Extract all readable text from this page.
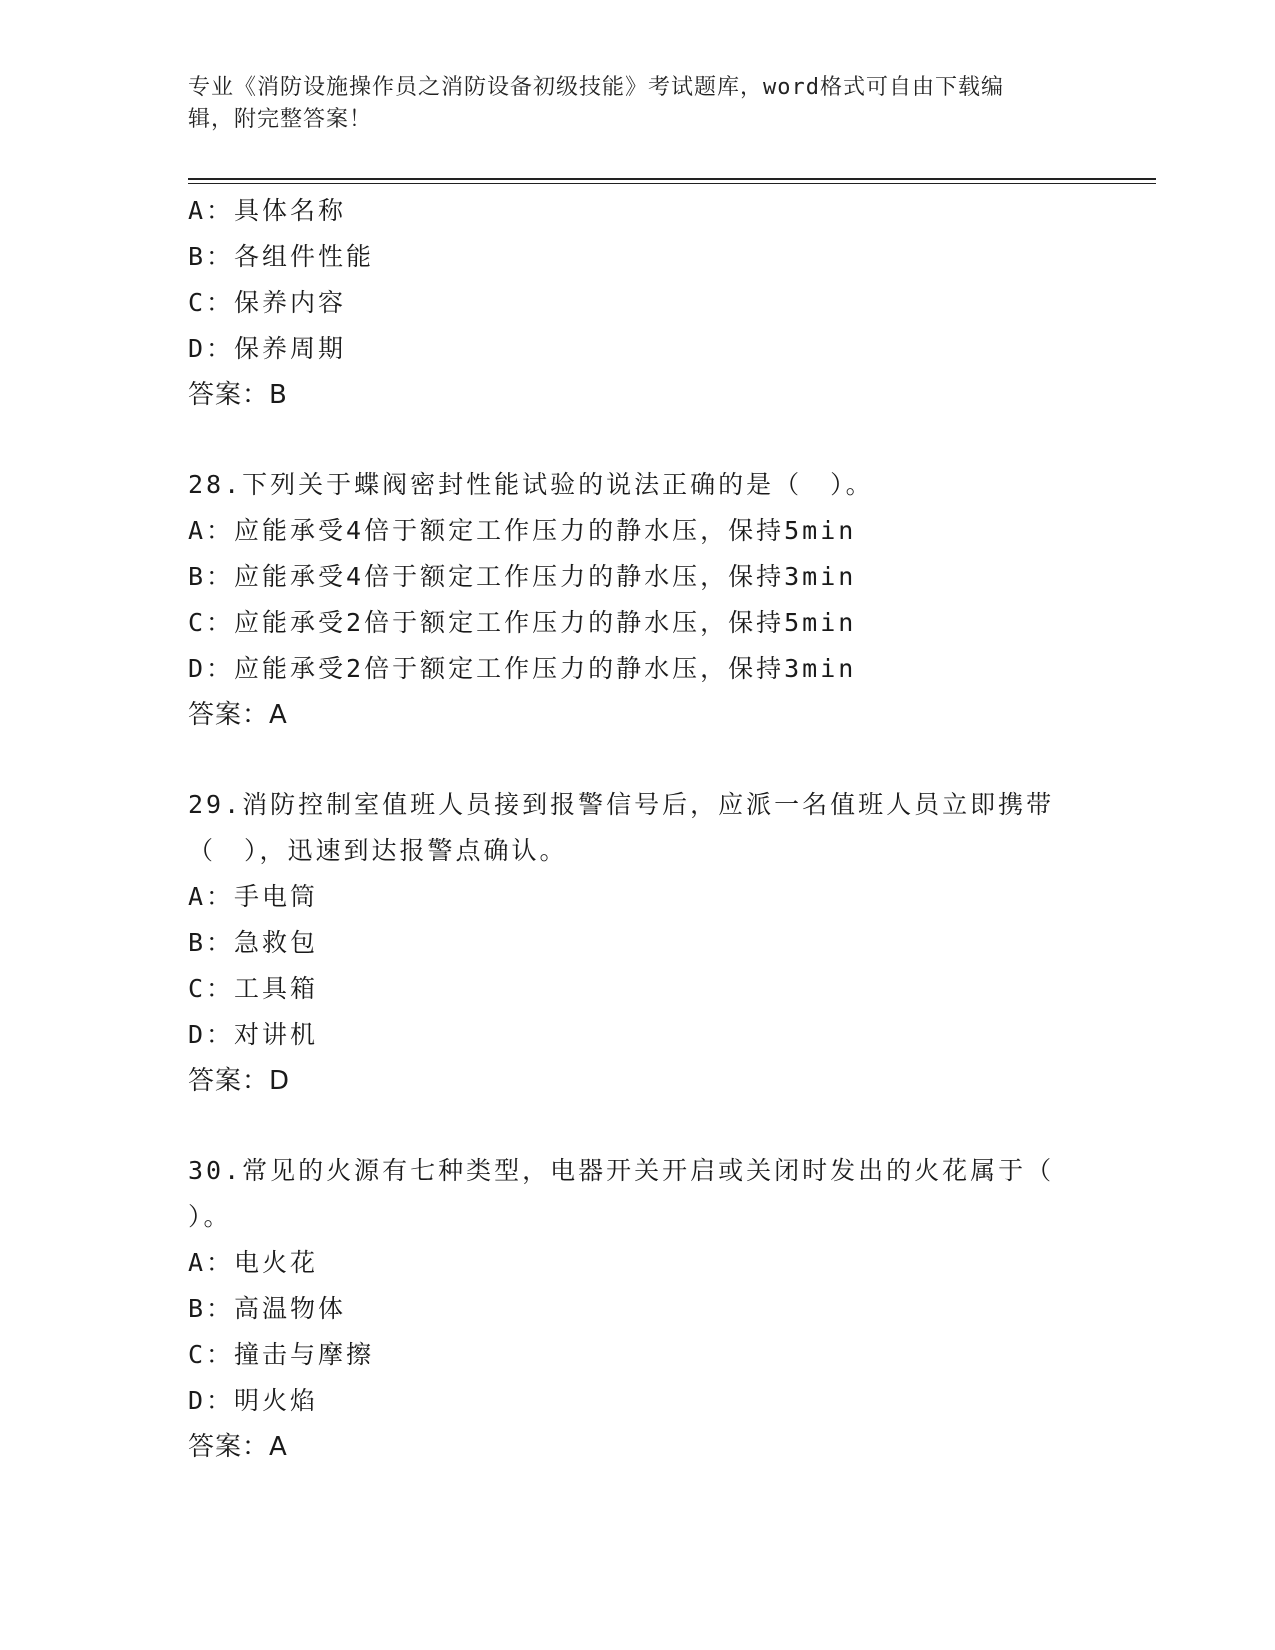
专业《消防设施操作员之消防设备初级技能》考试题库，word格式可自由下载编
辑，附完整答案！
A：具体名称
B：各组件性能
C：保养内容
D：保养周期
答案：B
28.下列关于蝶阀密封性能试验的说法正确的是（　）。
A：应能承受4倍于额定工作压力的静水压，保持5min
B：应能承受4倍于额定工作压力的静水压，保持3min
C：应能承受2倍于额定工作压力的静水压，保持5min
D：应能承受2倍于额定工作压力的静水压，保持3min
答案：A
29.消防控制室值班人员接到报警信号后，应派一名值班人员立即携带
（　），迅速到达报警点确认。
A：手电筒
B：急救包
C：工具箱
D：对讲机
答案：D
30.常见的火源有七种类型，电器开关开启或关闭时发出的火花属于（
）。
A：电火花
B：高温物体
C：撞击与摩擦
D：明火焰
答案：A
